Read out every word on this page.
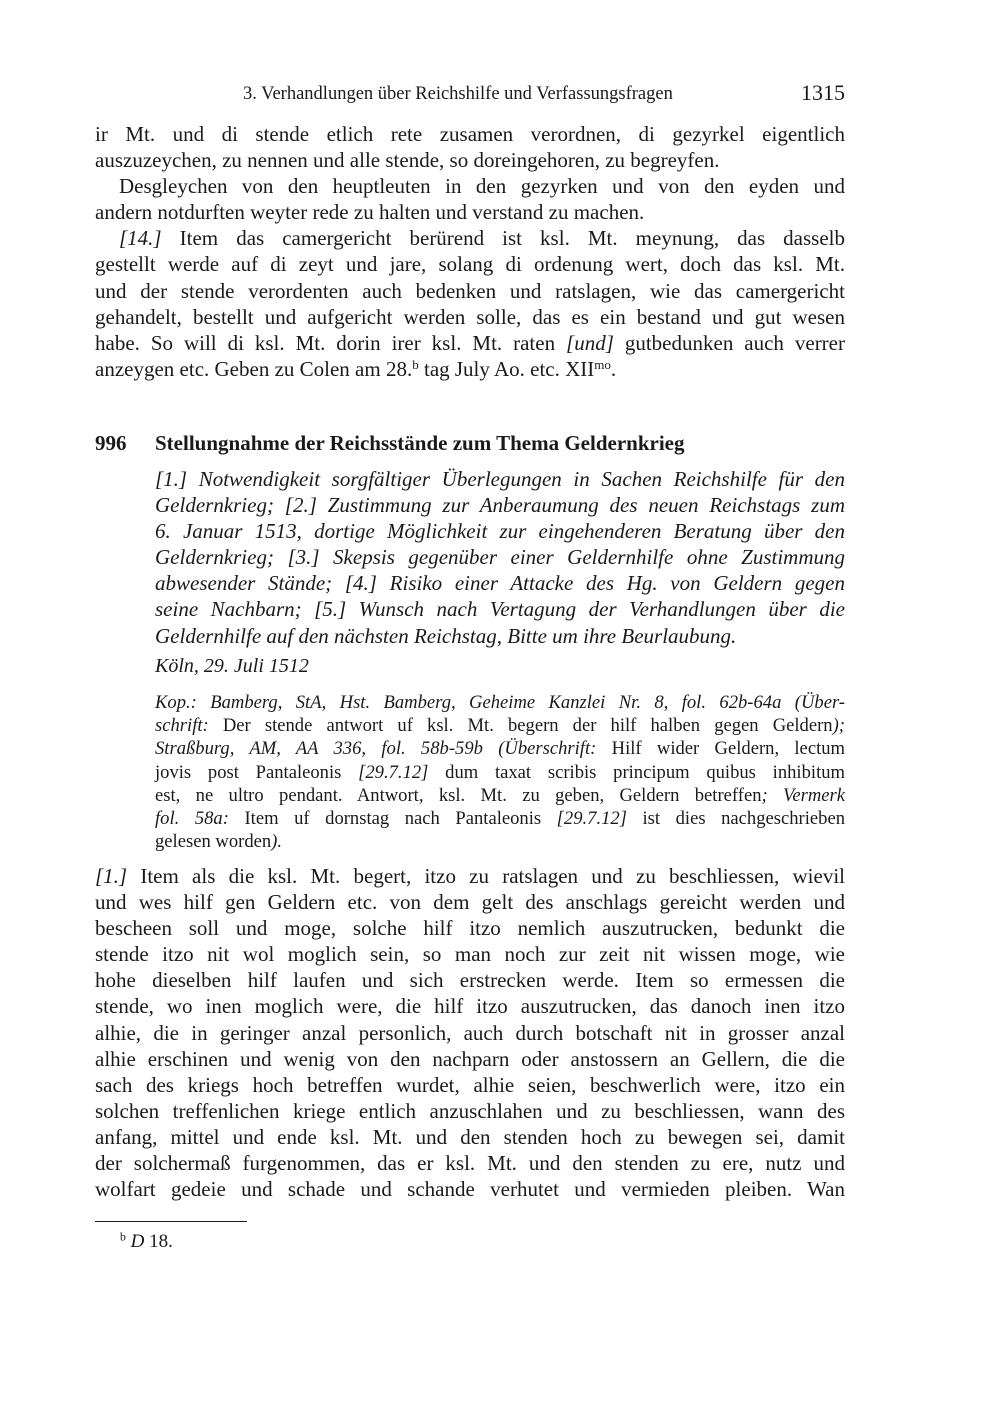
3. Verhandlungen über Reichshilfe und Verfassungsfragen	1315
ir Mt. und di stende etlich rete zusamen verordnen, di gezyrkel eigentlich
auszuzeychen, zu nennen und alle stende, so doreingehoren, zu begreyfen.
Desgleychen von den heuptleuten in den gezyrken und von den eyden und
andern notdurften weyter rede zu halten und verstand zu machen.
[14.] Item das camergericht berürend ist ksl. Mt. meynung, das dasselb
gestellt werde auf di zeyt und jare, solang di ordenung wert, doch das ksl. Mt.
und der stende verordenten auch bedenken und ratslagen, wie das camergericht
gehandelt, bestellt und aufgericht werden solle, das es ein bestand und gut wesen
habe. So will di ksl. Mt. dorin irer ksl. Mt. raten [und] gutbedunken auch verrer
anzeygen etc. Geben zu Colen am 28.$^b$ tag July Ao. etc. $XII^{mo}$.
996 Stellungnahme der Reichsstände zum Thema Geldernkrieg
[1.] Notwendigkeit sorgfältiger Überlegungen in Sachen Reichshilfe für den
Geldernkrieg; [2.] Zustimmung zur Anberaumung des neuen Reichstags zum
6. Januar 1513, dortige Möglichkeit zur eingehenderen Beratung über den
Geldernkrieg; [3.] Skepsis gegenüber einer Geldernhilfe ohne Zustimmung
abwesender Stände; [4.] Risiko einer Attacke des Hg. von Geldern gegen
seine Nachbarn; [5.] Wunsch nach Vertagung der Verhandlungen über die
Geldernhilfe auf den nächsten Reichstag, Bitte um ihre Beurlaubung.
Köln, 29. Juli 1512
Kop.: Bamberg, StA, Hst. Bamberg, Geheime Kanzlei Nr. 8, fol. 62b-64a (Über-
schrift: Der stende antwort uf ksl. Mt. begern der hilf halben gegen Geldern);
Straßburg, AM, AA 336, fol. 58b-59b (Überschrift: Hilf wider Geldern, lectum
jovis post Pantaleonis [29.7.12] dum taxat scribis principum quibus inhibitum
est, ne ultro pendant. Antwort, ksl. Mt. zu geben, Geldern betreffen; Vermerk
fol. 58a: Item uf dornstag nach Pantaleonis [29.7.12] ist dies nachgeschrieben
gelesen worden).
[1.] Item als die ksl. Mt. begert, itzo zu ratslagen und zu beschliessen, wievil
und wes hilf gen Geldern etc. von dem gelt des anschlags gereicht werden und
bescheen soll und moge, solche hilf itzo nemlich auszutrucken, bedunkt die
stende itzo nit wol moglich sein, so man noch zur zeit nit wissen moge, wie
hohe dieselben hilf laufen und sich erstrecken werde. Item so ermessen die
stende, wo inen moglich were, die hilf itzo auszutrucken, das danoch inen itzo
alhie, die in geringer anzal personlich, auch durch botschaft nit in grosser anzal
alhie erschinen und wenig von den nachparn oder anstossern an Gellern, die die
sach des kriegs hoch betreffen wurdet, alhie seien, beschwerlich were, itzo ein
solchen treffenlichen kriege entlich anzuschlahen und zu beschliessen, wann des
anfang, mittel und ende ksl. Mt. und den stenden hoch zu bewegen sei, damit
der solchermaß furgenommen, das er ksl. Mt. und den stenden zu ere, nutz und
wolfart gedeie und schade und schande verhutet und vermieden pleiben. Wan
$^b$ D 18.
